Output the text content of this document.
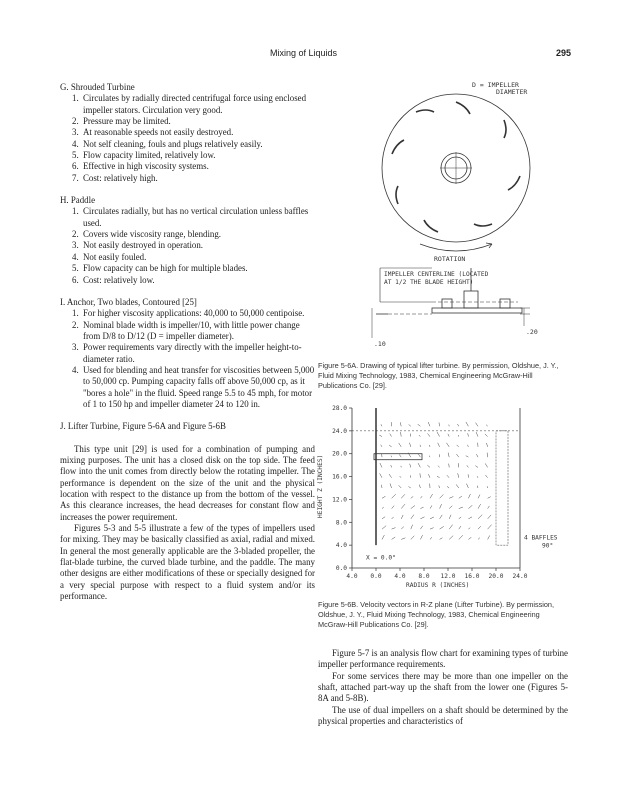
Mixing of Liquids	295

G. Shrouded Turbine

1. Circulates by radially directed centrifugal force using enclosed impeller stators. Circulation very good.
2. Pressure may be limited.
3. At reasonable speeds not easily destroyed.
4. Not self cleaning, fouls and plugs relatively easily.
5. Flow capacity limited, relatively low.
6. Effective in high viscosity systems.
7. Cost: relatively high.

H. Paddle

1. Circulates radially, but has no vertical circulation unless baffles used.
2. Covers wide viscosity range, blending.
3. Not easily destroyed in operation.
4. Not easily fouled.
5. Flow capacity can be high for multiple blades.
6. Cost: relatively low.

I. Anchor, Two blades, Contoured [25]

1. For higher viscosity applications: 40,000 to 50,000 centipoise.
2. Nominal blade width is impeller/10, with little power change from D/8 to D/12 (D = impeller diameter).
3. Power requirements vary directly with the impeller height-to-diameter ratio.
4. Used for blending and heat transfer for viscosities between 5,000 to 50,000 cp. Pumping capacity falls off above 50,000 cp, as it "bores a hole" in the fluid. Speed range 5.5 to 45 mph, for motor of 1 to 150 hp and impeller diameter 24 to 120 in.

J. Lifter Turbine, Figure 5-6A and Figure 5-6B

This type unit [29] is used for a combination of pumping and mixing purposes. The unit has a closed disk on the top side. The feed flow into the unit comes from directly below the rotating impeller. The performance is dependent on the size of the unit and the physical location with respect to the distance up from the bottom of the vessel. As this clearance increases, the head decreases for constant flow and increases the power requirement.

Figures 5-3 and 5-5 illustrate a few of the types of impellers used for mixing. They may be basically classified as axial, radial and mixed. In general the most generally applicable are the 3-bladed propeller, the flat-blade turbine, the curved blade turbine, and the paddle. The many other designs are either modifications of these or specially designed for a very special purpose with respect to a fluid system and/or its performance.

D = IMPELLER
DIAMETER
ROTATION
IMPELLER CENTERLINE (LOCATED
AT 1/2 THE BLADE HEIGHT)
.20
.10
Figure 5-6A. Drawing of typical lifter turbine. By permission, Oldshue, J. Y., Fluid Mixing Technology, 1983, Chemical Engineering McGraw-Hill Publications Co. [29].
0.0
4.0
8.0
12.0
16.0
20.0
24.0
28.0
4.0 0.0 4.0 8.0 12.0 16.0 20.0 24.0
HEIGHT Z (INCHES)
RADIUS R (INCHES)
X = 0.0°
4 BAFFLES
90°
Figure 5-6B. Velocity vectors in R-Z plane (Lifter Turbine). By permission, Oldshue, J. Y., Fluid Mixing Technology, 1983, Chemical Engineering McGraw-Hill Publications Co. [29].

Figure 5-7 is an analysis flow chart for examining types of turbine impeller performance requirements.

For some services there may be more than one impeller on the shaft, attached part-way up the shaft from the lower one (Figures 5-8A and 5-8B).

The use of dual impellers on a shaft should be determined by the physical properties and characteristics of
